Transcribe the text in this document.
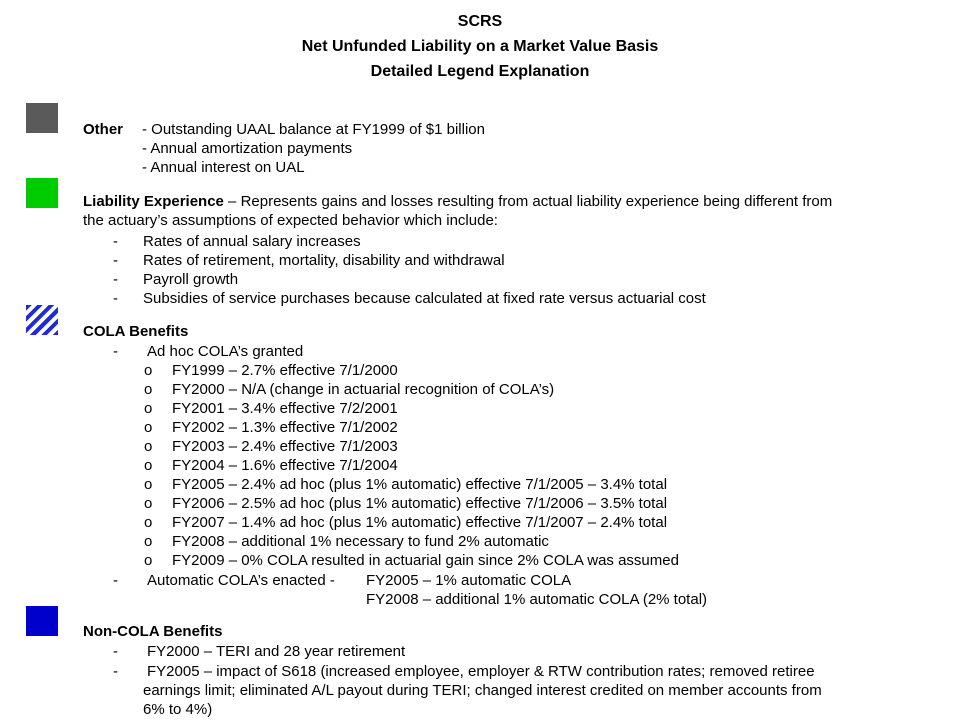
SCRS
Net Unfunded Liability on a Market Value Basis
Detailed Legend Explanation
Other - Outstanding UAAL balance at FY1999 of $1 billion
- Annual amortization payments
- Annual interest on UAL
Liability Experience – Represents gains and losses resulting from actual liability experience being different from
the actuary’s assumptions of expected behavior which include:
- Rates of annual salary increases
- Rates of retirement, mortality, disability and withdrawal
- Payroll growth
- Subsidies of service purchases because calculated at fixed rate versus actuarial cost
COLA Benefits
- Ad hoc COLA’s granted
o FY1999 – 2.7% effective 7/1/2000
o FY2000 – N/A (change in actuarial recognition of COLA’s)
o FY2001 – 3.4% effective 7/2/2001
o FY2002 – 1.3% effective 7/1/2002
o FY2003 – 2.4% effective 7/1/2003
o FY2004 – 1.6% effective 7/1/2004
o FY2005 – 2.4% ad hoc (plus 1% automatic) effective 7/1/2005 – 3.4% total
o FY2006 – 2.5% ad hoc (plus 1% automatic) effective 7/1/2006 – 3.5% total
o FY2007 – 1.4% ad hoc (plus 1% automatic) effective 7/1/2007 – 2.4% total
o FY2008 – additional 1% necessary to fund 2% automatic
o FY2009 – 0% COLA resulted in actuarial gain since 2% COLA was assumed
- Automatic COLA’s enacted - FY2005 – 1% automatic COLA
FY2008 – additional 1% automatic COLA (2% total)
Non-COLA Benefits
- FY2000 – TERI and 28 year retirement
- FY2005 – impact of S618 (increased employee, employer & RTW contribution rates; removed retiree
earnings limit; eliminated A/L payout during TERI; changed interest credited on member accounts from
6% to 4%)
